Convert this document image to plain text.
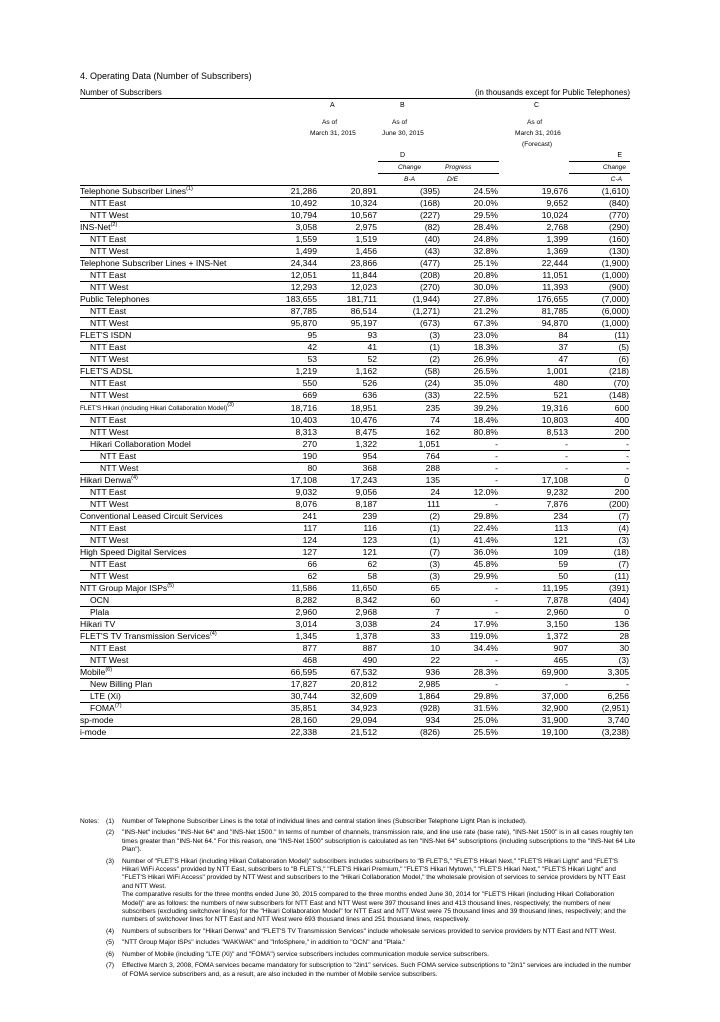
4. Operating Data (Number of Subscribers)
Number of Subscribers	(in thousands except for Public Telephones)
	A		B		C	

	As of		As of		As of	
	March 31, 2015		June 30, 2015		March 31, 2016	
					(Forecast)	
			D			E
			Change	Progress		Change
			B-A	D/E		C-A
Telephone Subscriber Lines$^{(1)}$	21,286	20,891	(395)	24.5%	19,676	(1,610)
NTT East	10,492	10,324	(168)	20.0%	9,652	(840)
NTT West	10,794	10,567	(227)	29.5%	10,024	(770)
INS-Net$^{(2)}$	3,058	2,975	(82)	28.4%	2,768	(290)
NTT East	1,559	1,519	(40)	24.8%	1,399	(160)
NTT West	1,499	1,456	(43)	32.8%	1,369	(130)
Telephone Subscriber Lines + INS-Net	24,344	23,866	(477)	25.1%	22,444	(1,900)
NTT East	12,051	11,844	(208)	20.8%	11,051	(1,000)
NTT West	12,293	12,023	(270)	30.0%	11,393	(900)
Public Telephones	183,655	181,711	(1,944)	27.8%	176,655	(7,000)
NTT East	87,785	86,514	(1,271)	21.2%	81,785	(6,000)
NTT West	95,870	95,197	(673)	67.3%	94,870	(1,000)
FLET'S ISDN	95	93	(3)	23.0%	84	(11)
NTT East	42	41	(1)	18.3%	37	(5)
NTT West	53	52	(2)	26.9%	47	(6)
FLET'S ADSL	1,219	1,162	(58)	26.5%	1,001	(218)
NTT East	550	526	(24)	35.0%	480	(70)
NTT West	669	636	(33)	22.5%	521	(148)
FLET'S Hikari (including Hikari Collaboration Model)$^{(3)}$	18,716	18,951	235	39.2%	19,316	600
NTT East	10,403	10,476	74	18.4%	10,803	400
NTT West	8,313	8,475	162	80.8%	8,513	200
Hikari Collaboration Model	270	1,322	1,051	-	-	-
NTT East	190	954	764	-	-	-
NTT West	80	368	288	-	-	-
Hikari Denwa$^{(4)}$	17,108	17,243	135	-	17,108	0
NTT East	9,032	9,056	24	12.0%	9,232	200
NTT West	8,076	8,187	111	-	7,876	(200)
Conventional Leased Circuit Services	241	239	(2)	29.8%	234	(7)
NTT East	117	116	(1)	22.4%	113	(4)
NTT West	124	123	(1)	41.4%	121	(3)
High Speed Digital Services	127	121	(7)	36.0%	109	(18)
NTT East	66	62	(3)	45.8%	59	(7)
NTT West	62	58	(3)	29.9%	50	(11)
NTT Group Major ISPs$^{(5)}$	11,586	11,650	65	-	11,195	(391)
OCN	8,282	8,342	60	-	7,878	(404)
Plala	2,960	2,968	7	-	2,960	0
Hikari TV	3,014	3,038	24	17.9%	3,150	136
FLET'S TV Transmission Services$^{(4)}$	1,345	1,378	33	119.0%	1,372	28
NTT East	877	887	10	34.4%	907	30
NTT West	468	490	22	-	465	(3)
Mobile$^{(6)}$	66,595	67,532	936	28.3%	69,900	3,305
New Billing Plan	17,827	20,812	2,985	-	-	-
LTE (Xi)	30,744	32,609	1,864	29.8%	37,000	6,256
FOMA$^{(7)}$	35,851	34,923	(928)	31.5%	32,900	(2,951)
sp-mode	28,160	29,094	934	25.0%	31,900	3,740
i-mode	22,338	21,512	(826)	25.5%	19,100	(3,238)
Notes:	(1)	Number of Telephone Subscriber Lines is the total of individual lines and central station lines (Subscriber Telephone Light Plan is included).
(2)	"INS-Net" includes "INS-Net 64" and "INS-Net 1500." In terms of number of channels, transmission rate, and line use rate (base rate), "INS-Net 1500" is in all cases roughly ten times greater than "INS-Net 64." For this reason, one "INS-Net 1500" subscription is calculated as ten "INS-Net 64" subscriptions (including subscriptions to the "INS-Net 64 Lite Plan").
(3)	Number of "FLET'S Hikari (including Hikari Collaboration Model)" subscribers includes subscribers to "B FLET'S," "FLET'S Hikari Next," "FLET'S Hikari Light" and "FLET'S Hikari WiFi Access" provided by NTT East, subscribers to "B FLET'S," "FLET'S Hikari Premium," "FLET'S Hikari Mytown," "FLET'S Hikari Next," "FLET'S Hikari Light" and "FLET'S Hikari WiFi Access" provided by NTT West and subscribers to the "Hikari Collaboration Model," the wholesale provision of services to service providers by NTT East and NTT West.
The comparative results for the three months ended June 30, 2015 compared to the three months ended June 30, 2014 for "FLET'S Hikari (including Hikari Collaboration Model)" are as follows: the numbers of new subscribers for NTT East and NTT West were 397 thousand lines and 413 thousand lines, respectively; the numbers of new subscribers (excluding switchover lines) for the "Hikari Collaboration Model" for NTT East and NTT West were 75 thousand lines and 39 thousand lines, respectively; and the numbers of switchover lines for NTT East and NTT West were 693 thousand lines and 251 thousand lines, respectively.
(4)	Numbers of subscribers for "Hikari Denwa" and "FLET'S TV Transmission Services" include wholesale services provided to service providers by NTT East and NTT West.
(5)	"NTT Group Major ISPs" includes "WAKWAK" and "InfoSphere," in addition to "OCN" and "Plala."
(6)	Number of Mobile (including "LTE (Xi)" and "FOMA") service subscribers includes communication module service subscribers.
(7)	Effective March 3, 2008, FOMA services became mandatory for subscription to "2in1" services. Such FOMA service subscriptions to "2in1" services are included in the number of FOMA service subscribers and, as a result, are also included in the number of Mobile service subscribers.
